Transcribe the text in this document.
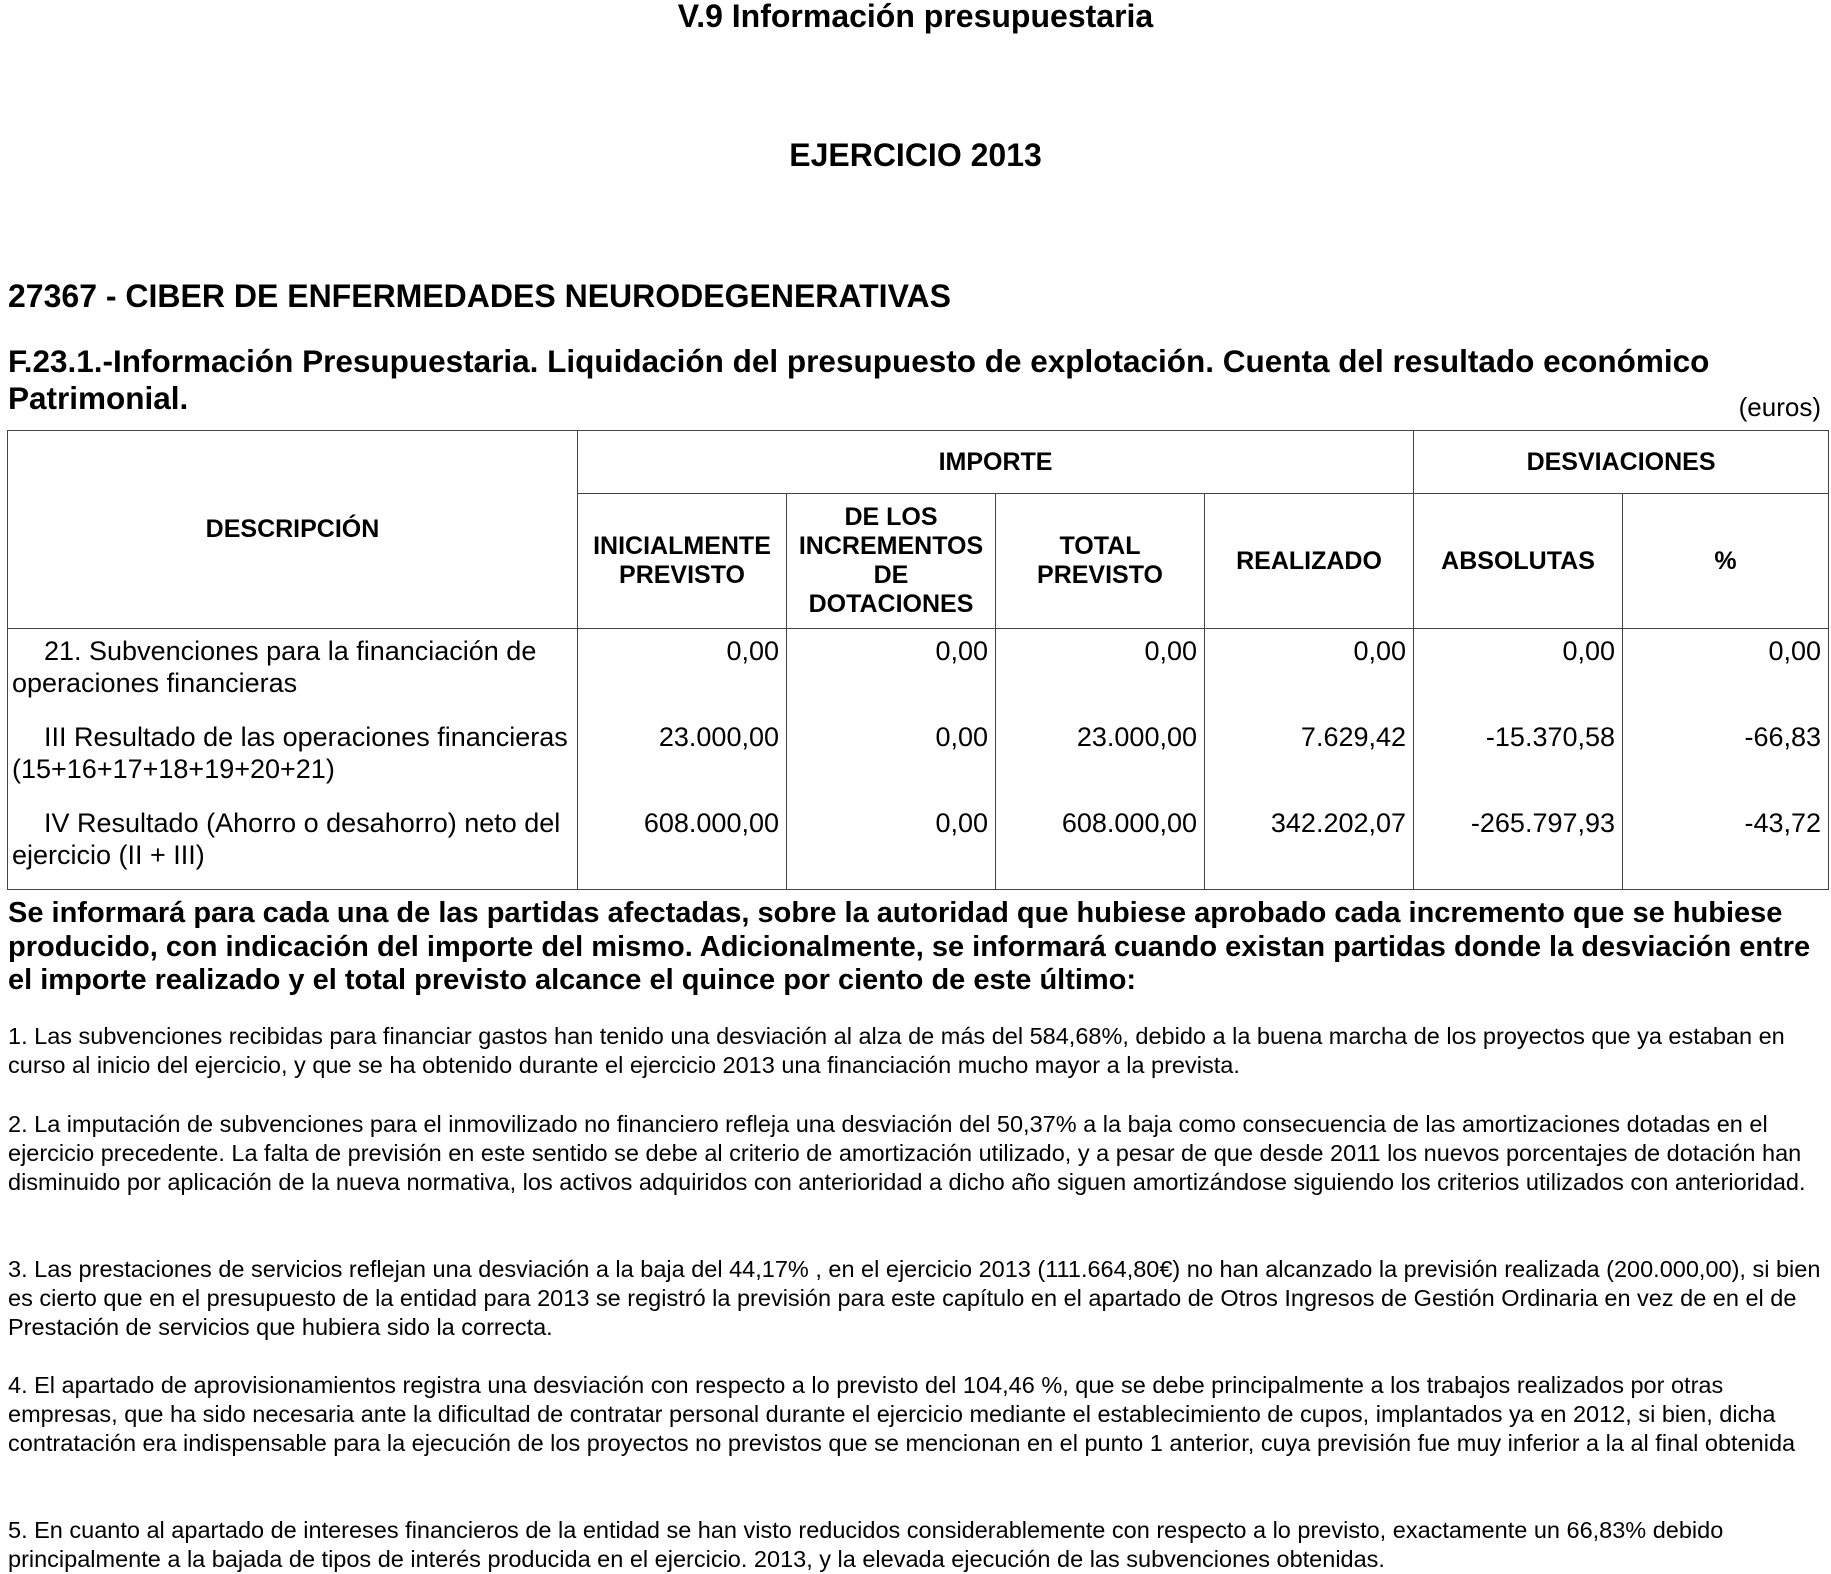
V.9 Información presupuestaria
EJERCICIO 2013
27367 - CIBER DE ENFERMEDADES NEURODEGENERATIVAS
F.23.1.-Información Presupuestaria. Liquidación del presupuesto de explotación. Cuenta del resultado económico Patrimonial.	(euros)
DESCRIPCIÓN	IMPORTE				DESVIACIONES	
	INICIALMENTE PREVISTO	DE LOS INCREMENTOS DE DOTACIONES	TOTAL PREVISTO	REALIZADO	ABSOLUTAS	%
21. Subvenciones para la financiación de operaciones financieras	0,00	0,00	0,00	0,00	0,00	0,00
III Resultado de las operaciones financieras (15+16+17+18+19+20+21)	23.000,00	0,00	23.000,00	7.629,42	-15.370,58	-66,83
IV Resultado (Ahorro o desahorro) neto del ejercicio (II + III)	608.000,00	0,00	608.000,00	342.202,07	-265.797,93	-43,72
Se informará para cada una de las partidas afectadas, sobre la autoridad que hubiese aprobado cada incremento que se hubiese producido, con indicación del importe del mismo. Adicionalmente, se informará cuando existan partidas donde la desviación entre el importe realizado y el total previsto alcance el quince por ciento de este último:
1. Las subvenciones recibidas para financiar gastos han tenido una desviación al alza de más del 584,68%, debido a la buena marcha de los proyectos que ya estaban en curso al inicio del ejercicio, y que se ha obtenido durante el ejercicio 2013 una financiación mucho mayor a la prevista.
2. La imputación de subvenciones para el inmovilizado no financiero refleja una desviación del 50,37% a la baja como consecuencia de las amortizaciones dotadas en el ejercicio precedente. La falta de previsión en este sentido se debe al criterio de amortización utilizado, y a pesar de que desde 2011 los nuevos porcentajes de dotación han disminuido por aplicación de la nueva normativa, los activos adquiridos con anterioridad a dicho año siguen amortizándose siguiendo los criterios utilizados con anterioridad.
3. Las prestaciones de servicios reflejan una desviación a la baja del 44,17% , en el ejercicio 2013 (111.664,80€) no han alcanzado la previsión realizada (200.000,00), si bien es cierto que en el presupuesto de la entidad para 2013 se registró la previsión para este capítulo en el apartado de Otros Ingresos de Gestión Ordinaria en vez de en el de Prestación de servicios que hubiera sido la correcta.
4. El apartado de aprovisionamientos registra una desviación con respecto a lo previsto del 104,46 %, que se debe principalmente a los trabajos realizados por otras empresas, que ha sido necesaria ante la dificultad de contratar personal durante el ejercicio mediante el establecimiento de cupos, implantados ya en 2012, si bien, dicha contratación era indispensable para la ejecución de los proyectos no previstos que se mencionan en el punto 1 anterior, cuya previsión fue muy inferior a la al final obtenida
5. En cuanto al apartado de intereses financieros de la entidad se han visto reducidos considerablemente con respecto a lo previsto, exactamente un 66,83% debido principalmente a la bajada de tipos de interés producida en el ejercicio. 2013, y la elevada ejecución de las subvenciones obtenidas.
